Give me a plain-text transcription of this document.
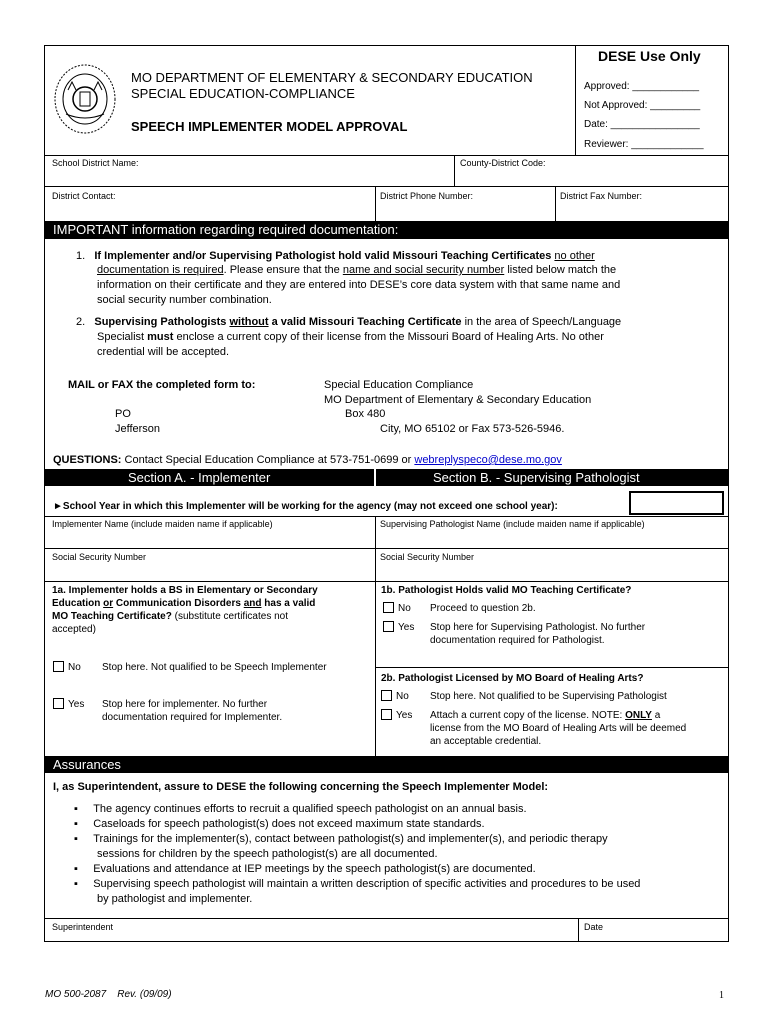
MO DEPARTMENT OF ELEMENTARY & SECONDARY EDUCATION
SPECIAL EDUCATION-COMPLIANCE
SPEECH IMPLEMENTER MODEL APPROVAL
DESE Use Only
Approved: ____________
Not Approved: _________
Date: ________________
Reviewer: _____________
School District Name:	County-District Code:
District Contact:	District Phone Number:	District Fax Number:
IMPORTANT information regarding required documentation:
1. If Implementer and/or Supervising Pathologist hold valid Missouri Teaching Certificates no other
documentation is required. Please ensure that the name and social security number listed below match the
information on their certificate and they are entered into DESE’s core data system with that same name and
social security number combination.
2. Supervising Pathologists without a valid Missouri Teaching Certificate in the area of Speech/Language
Specialist must enclose a current copy of their license from the Missouri Board of Healing Arts. No other
credential will be accepted.
MAIL or FAX the completed form to:	Special Education Compliance
MO Department of Elementary & Secondary Education
PO	Box 480
Jefferson	City, MO 65102 or Fax 573-526-5946.
QUESTIONS: Contact Special Education Compliance at 573-751-0699 or webreplyspeco@dese.mo.gov
Section A. - Implementer	Section B. - Supervising Pathologist
►School Year in which this Implementer will be working for the agency (may not exceed one school year):
Implementer Name (include maiden name if applicable)	Supervising Pathologist Name (include maiden name if applicable)
Social Security Number	Social Security Number
1a. Implementer holds a BS in Elementary or Secondary
Education or Communication Disorders and has a valid
MO Teaching Certificate? (substitute certificates not
accepted)
No Stop here. Not qualified to be Speech Implementer
Yes Stop here for implementer. No further
documentation required for Implementer.
1b. Pathologist Holds valid MO Teaching Certificate?
No Proceed to question 2b.
Yes Stop here for Supervising Pathologist. No further
documentation required for Pathologist.
2b. Pathologist Licensed by MO Board of Healing Arts?
No Stop here. Not qualified to be Supervising Pathologist
Yes Attach a current copy of the license. NOTE: ONLY a
license from the MO Board of Healing Arts will be deemed
an acceptable credential.
Assurances
I, as Superintendent, assure to DESE the following concerning the Speech Implementer Model:
▪     The agency continues efforts to recruit a qualified speech pathologist on an annual basis.
▪     Caseloads for speech pathologist(s) does not exceed maximum state standards.
▪     Trainings for the implementer(s), contact between pathologist(s) and implementer(s), and periodic therapy
sessions for children by the speech pathologist(s) are all documented.
▪     Evaluations and attendance at IEP meetings by the speech pathologist(s) are documented.
▪     Supervising speech pathologist will maintain a written description of specific activities and procedures to be used
by pathologist and implementer.
Superintendent	Date
MO 500-2087    Rev. (09/09)	1
